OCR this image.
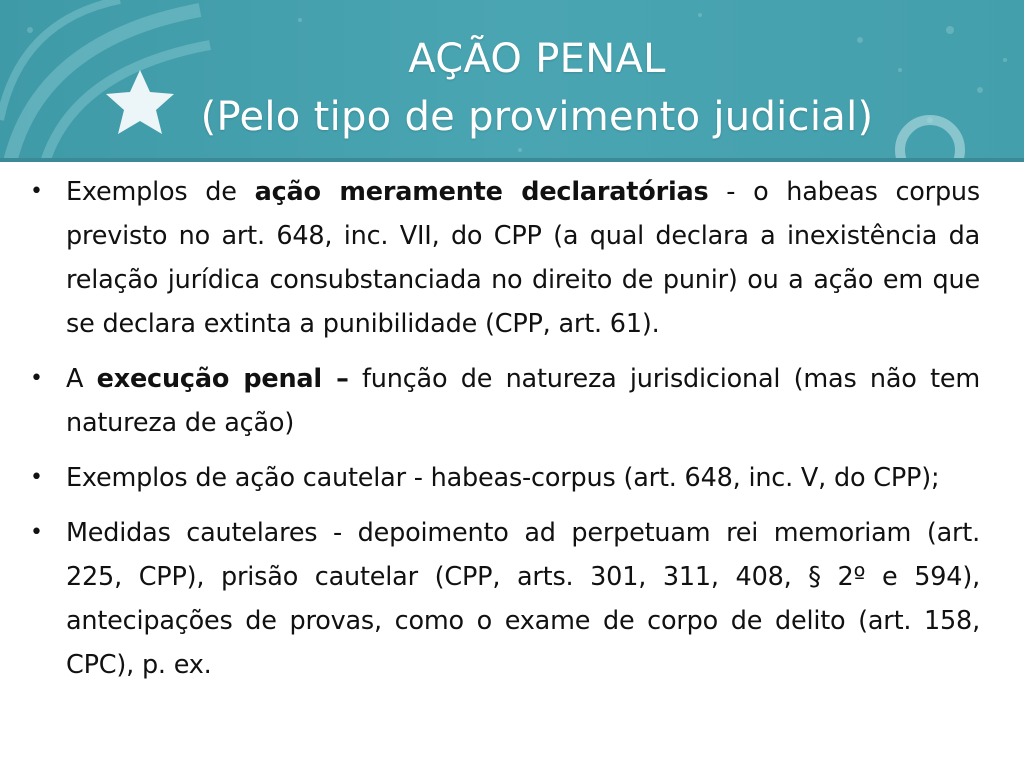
AÇÃO PENAL
(Pelo tipo de provimento judicial)
• Exemplos de ação meramente declaratórias - o habeas corpus previsto no art. 648, inc. VII, do CPP (a qual declara a inexistência da relação jurídica consubstanciada no direito de punir) ou a ação em que se declara extinta a punibilidade (CPP, art. 61).
• A execução penal – função de natureza jurisdicional (mas não tem natureza de ação)
• Exemplos de ação cautelar - habeas-corpus (art. 648, inc. V, do CPP);
• Medidas cautelares - depoimento ad perpetuam rei memoriam (art. 225, CPP), prisão cautelar (CPP, arts. 301, 311, 408, § 2º e 594), antecipações de provas, como o exame de corpo de delito (art. 158, CPC), p. ex.
